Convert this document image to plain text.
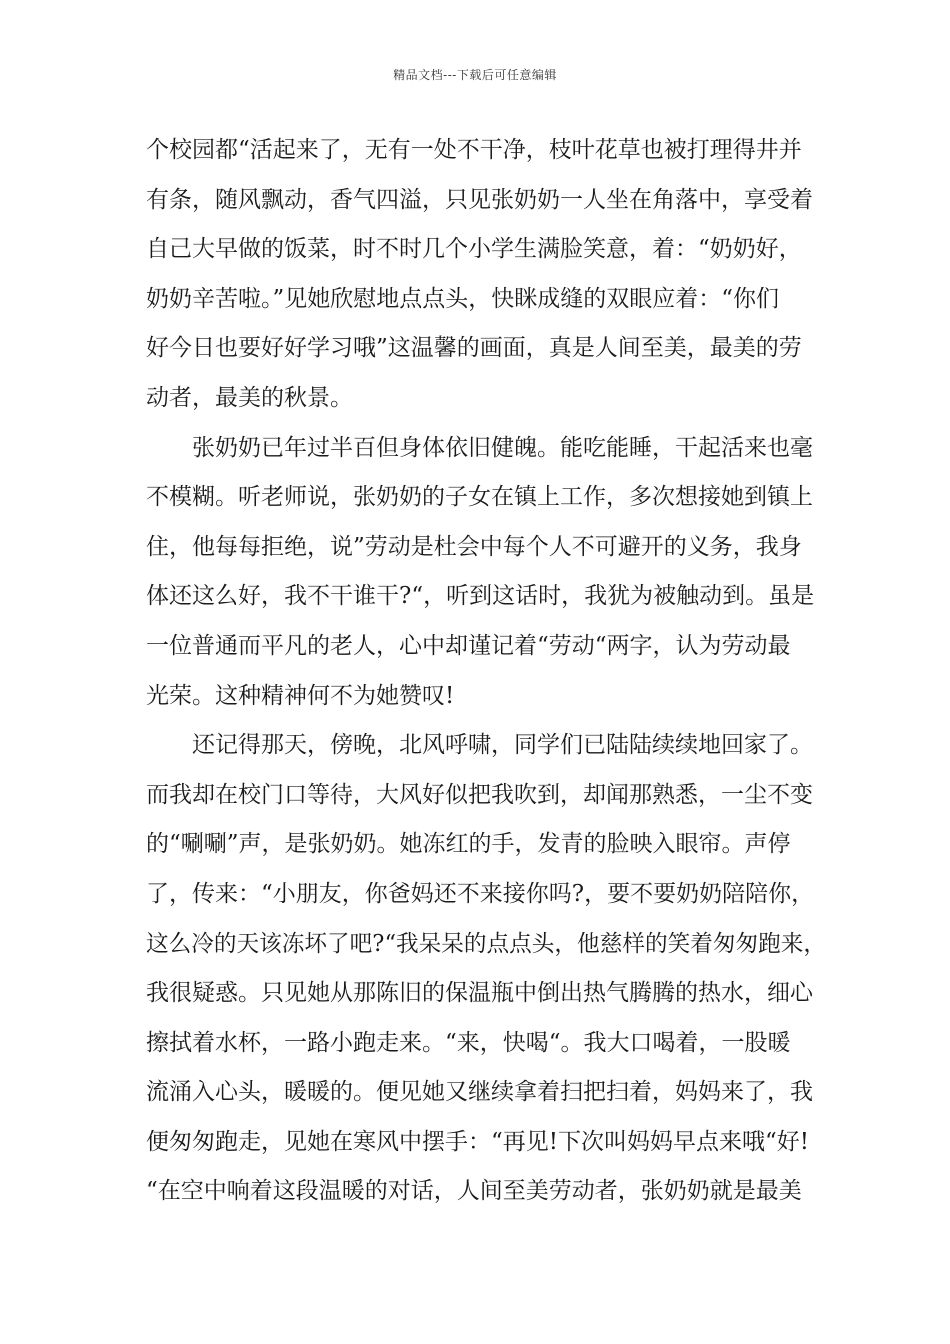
精品文档---下载后可任意编辑
个校园都“活起来了，无有一处不干净，枝叶花草也被打理得井并
有条，随风飘动，香气四溢，只见张奶奶一人坐在角落中，享受着
自己大早做的饭菜，时不时几个小学生满脸笑意，着：“奶奶好，
奶奶辛苦啦。”见她欣慰地点点头，快眯成缝的双眼应着：“你们
好今日也要好好学习哦”这温馨的画面，真是人间至美，最美的劳
动者，最美的秋景。
张奶奶已年过半百但身体依旧健魄。能吃能睡，干起活来也毫
不模糊。听老师说，张奶奶的子女在镇上工作，多次想接她到镇上
住，他每每拒绝，说”劳动是杜会中每个人不可避开的义务，我身
体还这么好，我不干谁干?“，听到这话时，我犹为被触动到。虽是
一位普通而平凡的老人，心中却谨记着“劳动“两字，认为劳动最
光荣。这种精神何不为她赞叹!
还记得那天，傍晚，北风呼啸，同学们已陆陆续续地回家了。
而我却在校门口等待，大风好似把我吹到，却闻那熟悉，一尘不变
的“唰唰”声，是张奶奶。她冻红的手，发青的脸映入眼帘。声停
了，传来：“小朋友，你爸妈还不来接你吗?，要不要奶奶陪陪你，
这么冷的天该冻坏了吧?“我呆呆的点点头，他慈样的笑着匆匆跑来，
我很疑惑。只见她从那陈旧的保温瓶中倒出热气腾腾的热水，细心
擦拭着水杯，一路小跑走来。“来，快喝“。我大口喝着，一股暖
流涌入心头，暖暖的。便见她又继续拿着扫把扫着，妈妈来了，我
便匆匆跑走，见她在寒风中摆手：“再见!下次叫妈妈早点来哦“好!
“在空中响着这段温暖的对话，人间至美劳动者，张奶奶就是最美
